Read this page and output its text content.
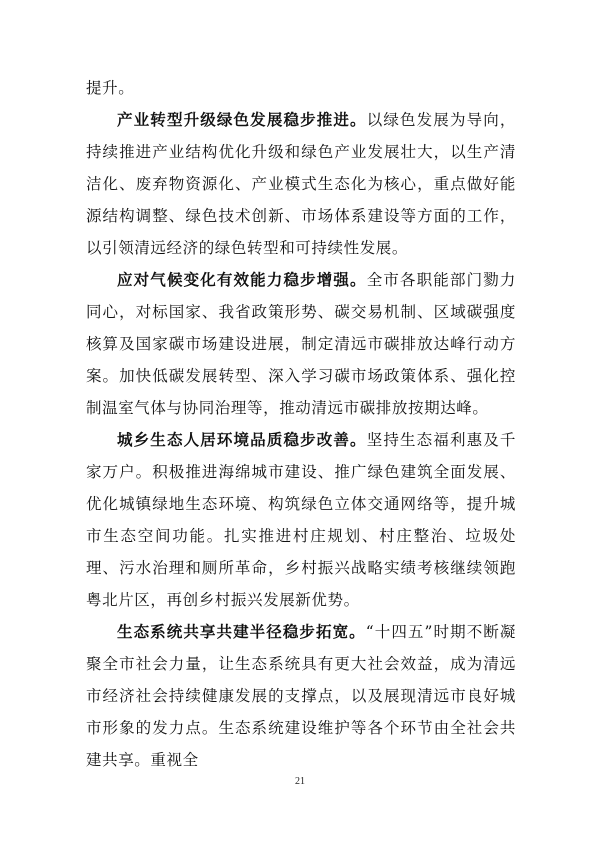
提升。

产业转型升级绿色发展稳步推进。以绿色发展为导向，持续推进产业结构优化升级和绿色产业发展壮大，以生产清洁化、废弃物资源化、产业模式生态化为核心，重点做好能源结构调整、绿色技术创新、市场体系建设等方面的工作，以引领清远经济的绿色转型和可持续性发展。

应对气候变化有效能力稳步增强。全市各职能部门勠力同心，对标国家、我省政策形势、碳交易机制、区域碳强度核算及国家碳市场建设进展，制定清远市碳排放达峰行动方案。加快低碳发展转型、深入学习碳市场政策体系、强化控制温室气体与协同治理等，推动清远市碳排放按期达峰。

城乡生态人居环境品质稳步改善。坚持生态福利惠及千家万户。积极推进海绵城市建设、推广绿色建筑全面发展、优化城镇绿地生态环境、构筑绿色立体交通网络等，提升城市生态空间功能。扎实推进村庄规划、村庄整治、垃圾处理、污水治理和厕所革命，乡村振兴战略实绩考核继续领跑粤北片区，再创乡村振兴发展新优势。

生态系统共享共建半径稳步拓宽。“十四五”时期不断凝聚全市社会力量，让生态系统具有更大社会效益，成为清远市经济社会持续健康发展的支撑点，以及展现清远市良好城市形象的发力点。生态系统建设维护等各个环节由全社会共建共享。重视全

21
